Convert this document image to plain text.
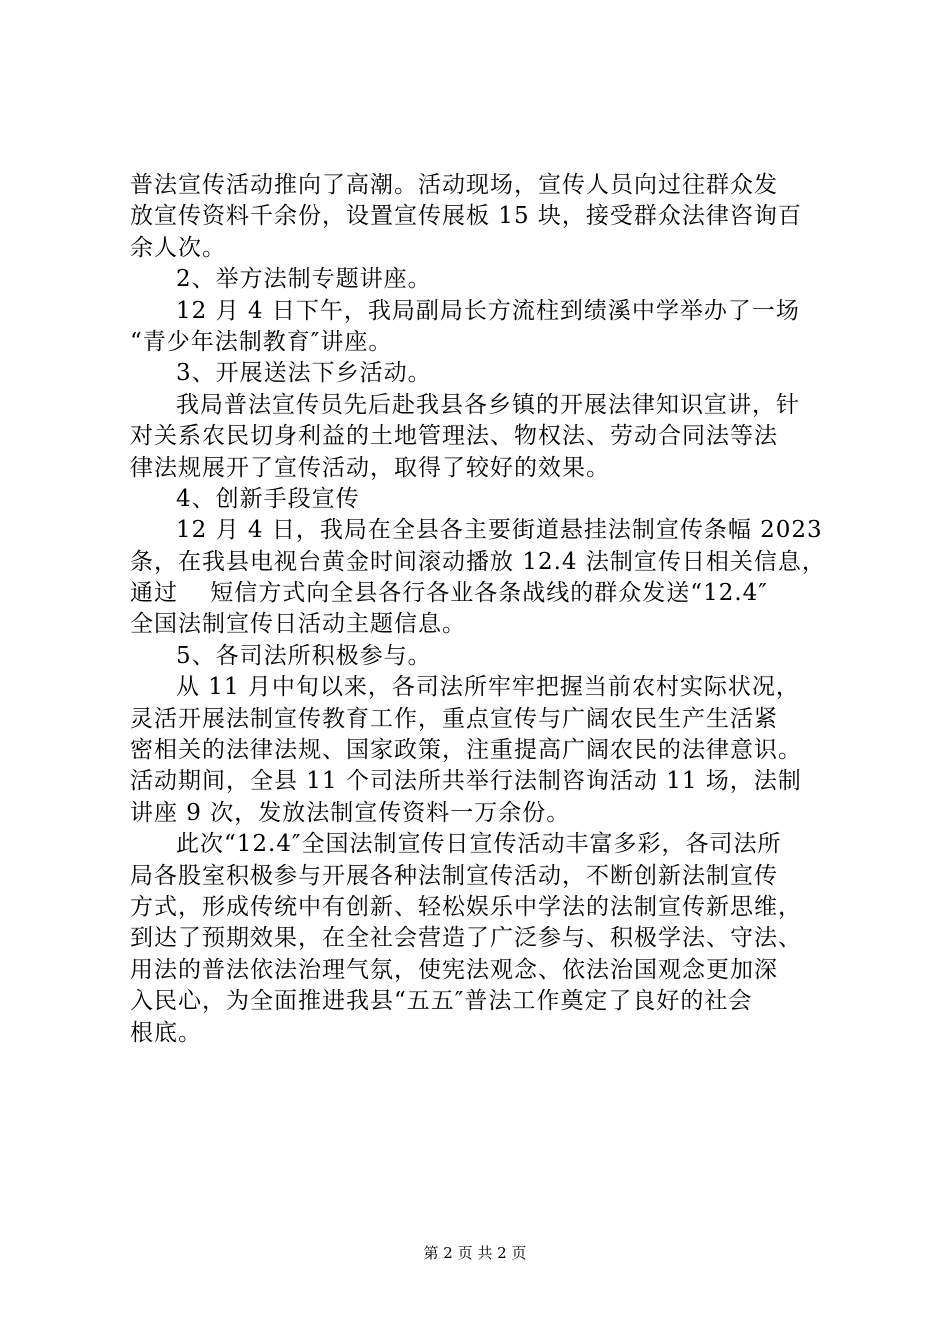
普法宣传活动推向了高潮。活动现场，宣传人员向过往群众发
放宣传资料千余份，设置宣传展板 15 块，接受群众法律咨询百
余人次。
2、举方法制专题讲座。
12 月 4 日下午，我局副局长方流柱到绩溪中学举办了一场
“青少年法制教育″讲座。
3、开展送法下乡活动。
我局普法宣传员先后赴我县各乡镇的开展法律知识宣讲，针
对关系农民切身利益的土地管理法、物权法、劳动合同法等法
律法规展开了宣传活动，取得了较好的效果。
4、创新手段宣传
12 月 4 日，我局在全县各主要街道悬挂法制宣传条幅 2023
条，在我县电视台黄金时间滚动播放 12.4 法制宣传日相关信息，
通过　 短信方式向全县各行各业各条战线的群众发送“12.4″
全国法制宣传日活动主题信息。
5、各司法所积极参与。
从 11 月中旬以来，各司法所牢牢把握当前农村实际状况，
灵活开展法制宣传教育工作，重点宣传与广阔农民生产生活紧
密相关的法律法规、国家政策，注重提高广阔农民的法律意识。
活动期间，全县 11 个司法所共举行法制咨询活动 11 场，法制
讲座 9 次，发放法制宣传资料一万余份。
此次“12.4″全国法制宣传日宣传活动丰富多彩，各司法所
局各股室积极参与开展各种法制宣传活动，不断创新法制宣传
方式，形成传统中有创新、轻松娱乐中学法的法制宣传新思维，
到达了预期效果，在全社会营造了广泛参与、积极学法、守法、
用法的普法依法治理气氛，使宪法观念、依法治国观念更加深
入民心，为全面推进我县“五五″普法工作奠定了良好的社会
根底。
第 2 页 共 2 页
